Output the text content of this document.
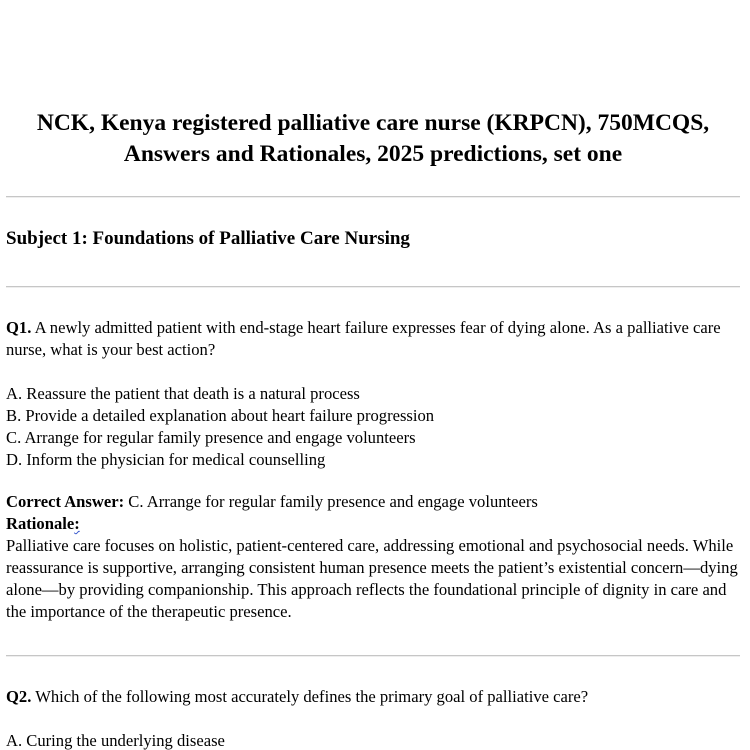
NCK, Kenya registered palliative care nurse (KRPCN), 750MCQS, Answers and Rationales, 2025 predictions, set one
Subject 1: Foundations of Palliative Care Nursing

Q1. A newly admitted patient with end-stage heart failure expresses fear of dying alone. As a palliative care nurse, what is your best action?

A. Reassure the patient that death is a natural process
B. Provide a detailed explanation about heart failure progression
C. Arrange for regular family presence and engage volunteers
D. Inform the physician for medical counselling

Correct Answer: C. Arrange for regular family presence and engage volunteers

Rationale:

Palliative care focuses on holistic, patient-centered care, addressing emotional and psychosocial needs. While reassurance is supportive, arranging consistent human presence meets the patient’s existential concern—dying alone—by providing companionship. This approach reflects the foundational principle of dignity in care and the importance of the therapeutic presence.

Q2. Which of the following most accurately defines the primary goal of palliative care?

A. Curing the underlying disease
